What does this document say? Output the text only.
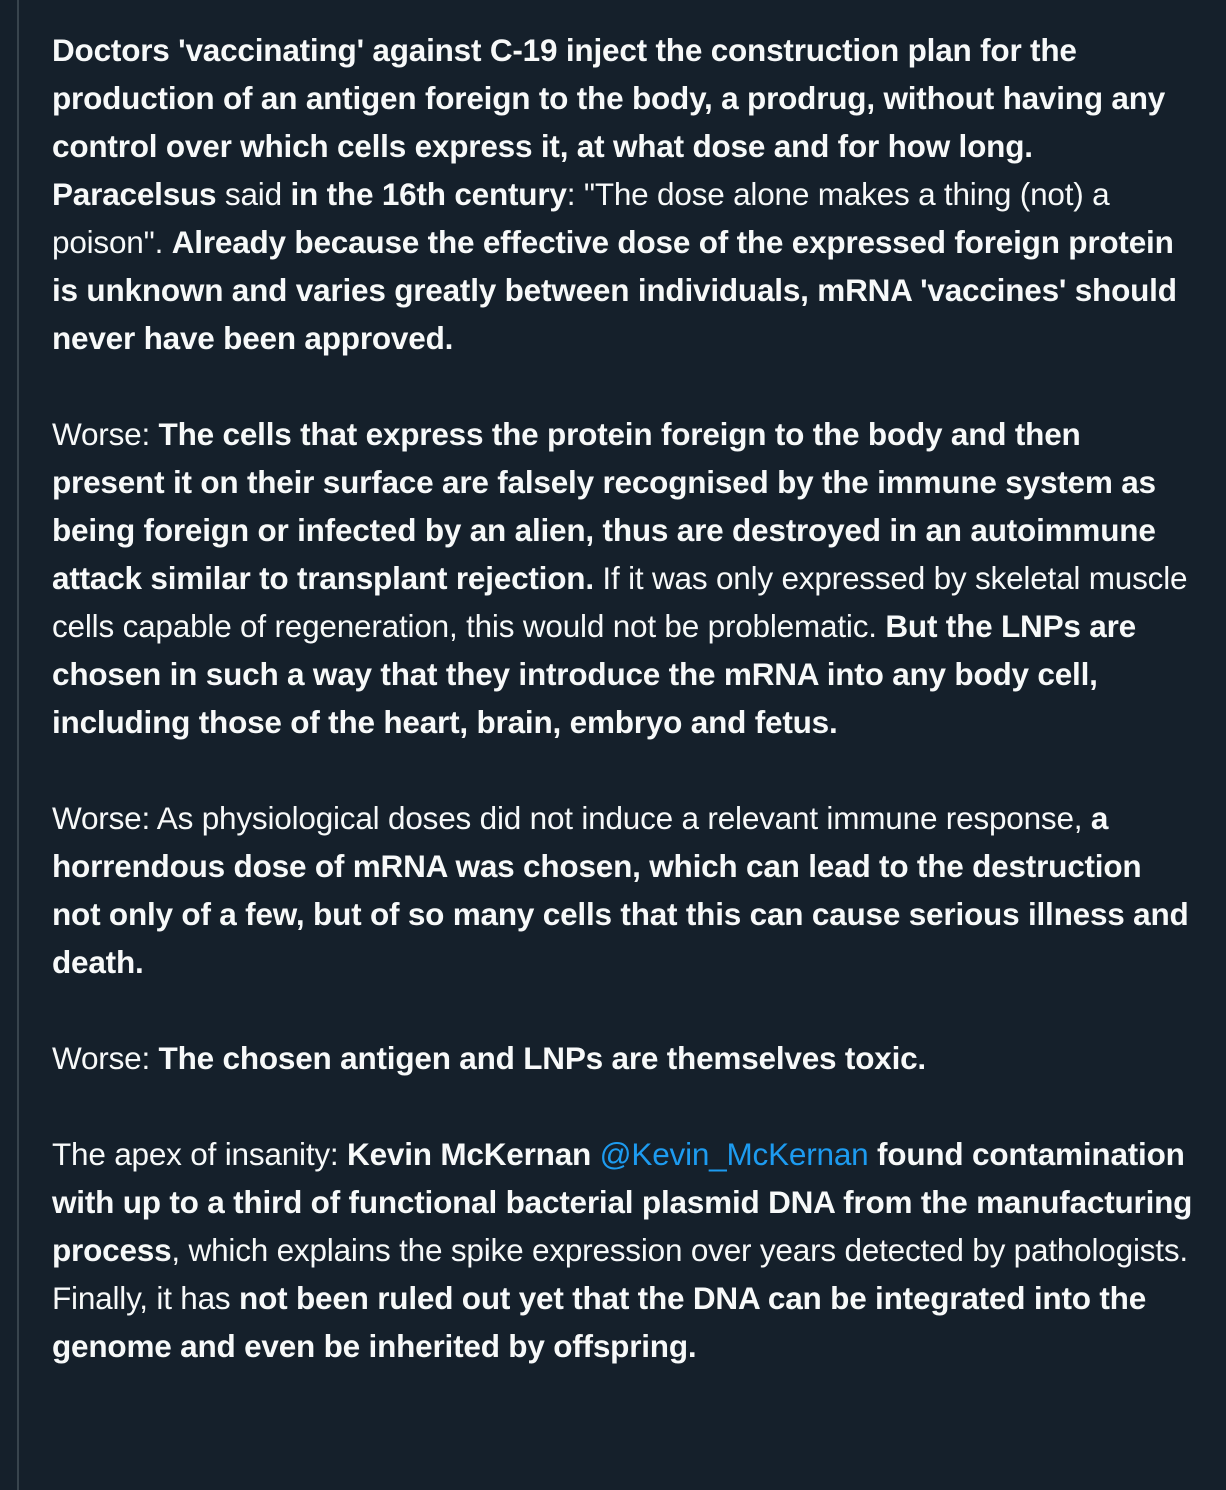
Doctors 'vaccinating' against C-19 inject the construction plan for the production of an antigen foreign to the body, a prodrug, without having any control over which cells express it, at what dose and for how long. Paracelsus said in the 16th century: "The dose alone makes a thing (not) a poison". Already because the effective dose of the expressed foreign protein is unknown and varies greatly between individuals, mRNA 'vaccines' should never have been approved.

Worse: The cells that express the protein foreign to the body and then present it on their surface are falsely recognised by the immune system as being foreign or infected by an alien, thus are destroyed in an autoimmune attack similar to transplant rejection. If it was only expressed by skeletal muscle cells capable of regeneration, this would not be problematic. But the LNPs are chosen in such a way that they introduce the mRNA into any body cell, including those of the heart, brain, embryo and fetus.

Worse: As physiological doses did not induce a relevant immune response, a horrendous dose of mRNA was chosen, which can lead to the destruction not only of a few, but of so many cells that this can cause serious illness and death.

Worse: The chosen antigen and LNPs are themselves toxic.

The apex of insanity: Kevin McKernan @Kevin_McKernan found contamination with up to a third of functional bacterial plasmid DNA from the manufacturing process, which explains the spike expression over years detected by pathologists. Finally, it has not been ruled out yet that the DNA can be integrated into the genome and even be inherited by offspring.
